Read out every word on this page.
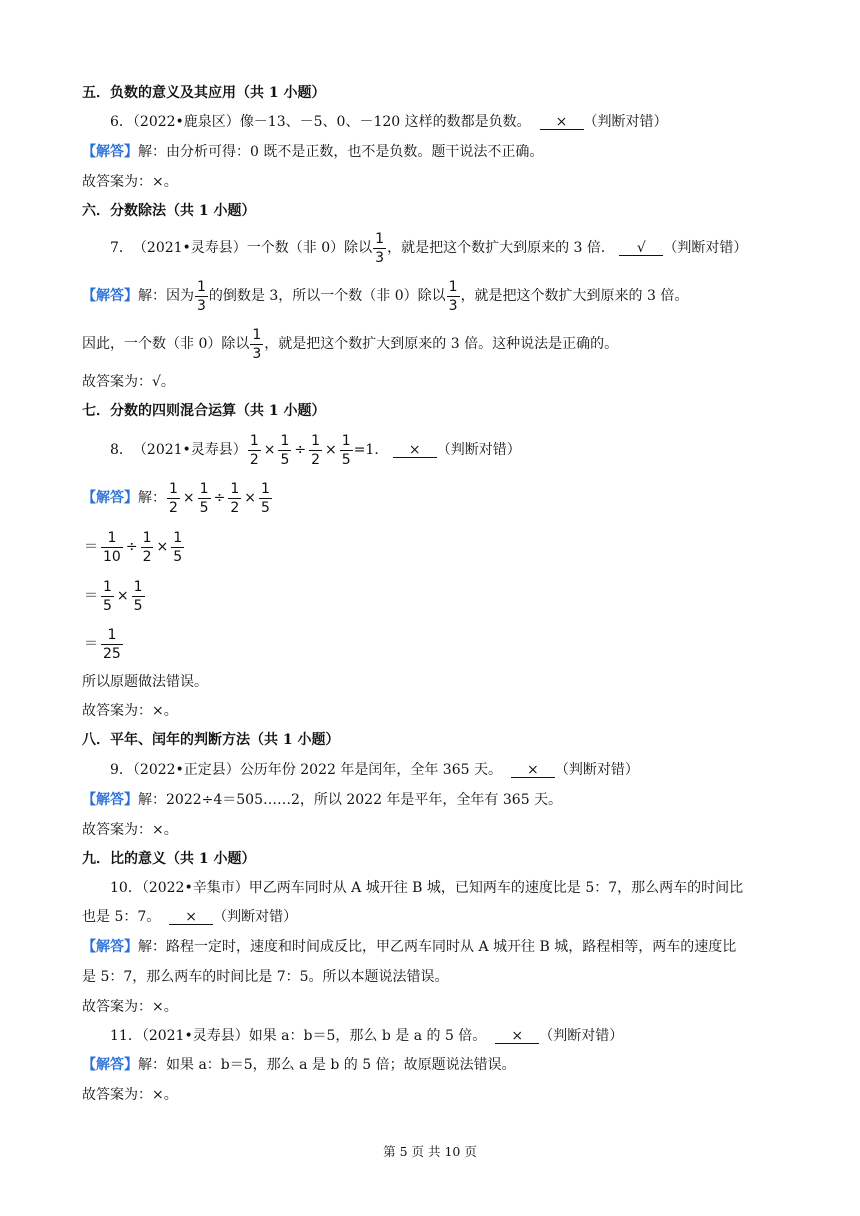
五．负数的意义及其应用（共 1 小题）
6．（2022•鹿泉区）像－13、－5、0、－120 这样的数都是负数。 × （判断对错）
【解答】解：由分析可得：0 既不是正数，也不是负数。题干说法不正确。
故答案为：×。
六．分数除法（共 1 小题）
7． （2021•灵寿县） 一个数（非 0）除以 $\frac{1}{3}$ ，就是把这个数扩大到原来的 3 倍．
	√	（判断对错）
【解答】 解：因为 $\frac{1}{3}$ 的倒数是 3，所以一个数（非 0）除以 $\frac{1}{3}$ ，就是把这个数扩大到原来的 3 倍。
因此，一个数（非 0）除以 $\frac{1}{3}$ ，就是把这个数扩大到原来的 3 倍。这种说法是正确的。
故答案为：√。
七．分数的四则混合运算（共 1 小题）
8． （2021•灵寿县） $\frac{1}{2} \times \frac{1}{5} \div \frac{1}{2} \times \frac{1}{5} =1$．
	×	（判断对错）
【解答】 解： $\frac{1}{2} \times \frac{1}{5} \div \frac{1}{2} \times \frac{1}{5}$
＝ $\frac{1}{10} \div \frac{1}{2} \times \frac{1}{5}$
＝ $\frac{1}{5} \times \frac{1}{5}$
＝ $\frac{1}{25}$
所以原题做法错误。
故答案为：×。
八．平年、闰年的判断方法（共 1 小题）
9．（2022•正定县）公历年份 2022 年是闰年，全年 365 天。 × （判断对错）
【解答】解：2022÷4＝505……2，所以 2022 年是平年，全年有 365 天。
故答案为：×。
九．比的意义（共 1 小题）
10．（2022•辛集市）甲乙两车同时从 A 城开往 B 城，已知两车的速度比是 5：7，那么两车的时间比
也是 5：7。 × （判断对错）
【解答】解：路程一定时，速度和时间成反比，甲乙两车同时从 A 城开往 B 城，路程相等，两车的速度比
是 5：7，那么两车的时间比是 7：5。所以本题说法错误。
故答案为：×。
11．（2021•灵寿县）如果 a：b＝5，那么 b 是 a 的 5 倍。 × （判断对错）
【解答】解：如果 a：b＝5，那么 a 是 b 的 5 倍；故原题说法错误。
故答案为：×。
第 5 页 共 10 页
